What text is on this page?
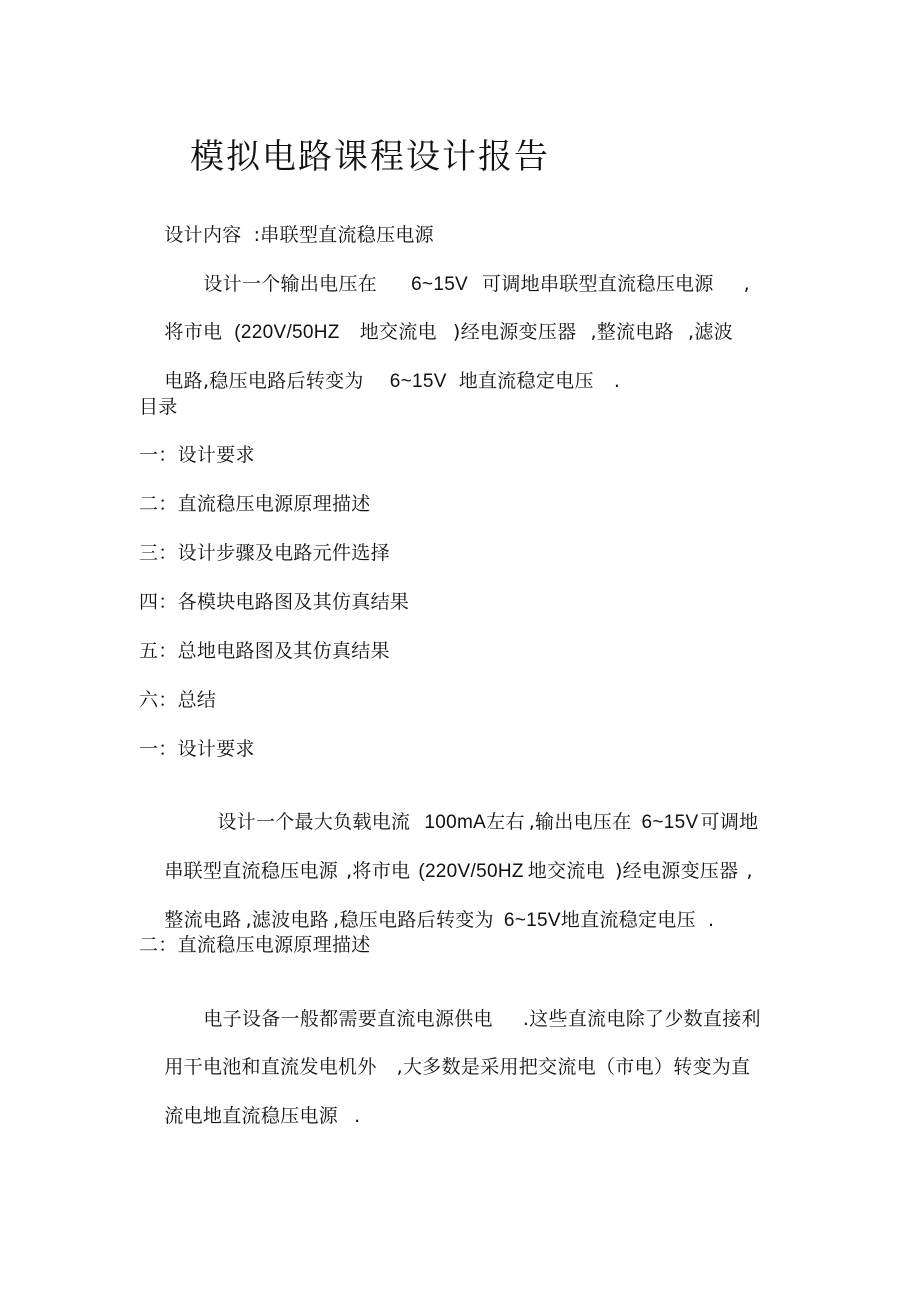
模拟电路课程设计报告

设计内容 :串联型直流稳压电源

设计一个输出电压在 6~15V 可调地串联型直流稳压电源 ,

将市电 (220V/50HZ 地交流电 )经电源变压器 ,整流电路 ,滤波

电路,稳压电路后转变为 6~15V 地直流稳定电压 .

目录
一：设计要求
二：直流稳压电源原理描述
三：设计步骤及电路元件选择
四：各模块电路图及其仿真结果
五：总地电路图及其仿真结果
六：总结
一：设计要求

设计一个最大负载电流 100mA左右 ,输出电压在 6~15V 可调地

串联型直流稳压电源 ,将市电 (220V/50HZ 地交流电 )经电源变压器 ,

整流电路 ,滤波电路 ,稳压电路后转变为 6~15V地直流稳定电压 .

二：直流稳压电源原理描述

电子设备一般都需要直流电源供电 .这些直流电除了少数直接利

用干电池和直流发电机外 ,大多数是采用把交流电（市电）转变为直

流电地直流稳压电源 .
